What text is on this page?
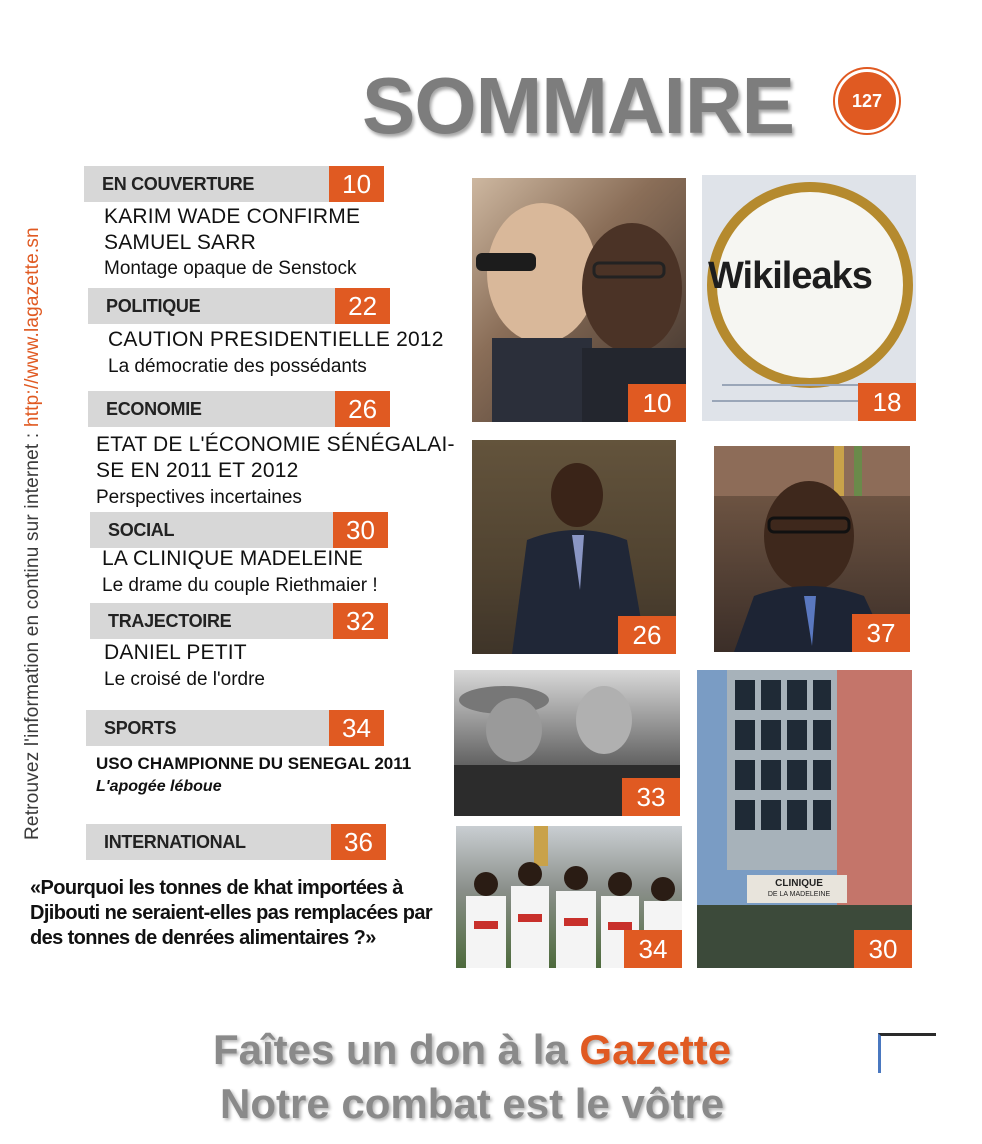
SOMMAIRE	127
Retrouvez l'information en continu sur internet : http://www.lagazette.sn
EN COUVERTURE	10
KARIM WADE CONFIRME
SAMUEL SARR
Montage opaque de Senstock
POLITIQUE	22
CAUTION PRESIDENTIELLE 2012
La démocratie des possédants
ECONOMIE	26
ETAT DE L'ÉCONOMIE SÉNÉGALAI-
SE EN 2011 ET 2012
Perspectives incertaines
SOCIAL	30
LA CLINIQUE MADELEINE
Le drame du couple Riethmaier !
TRAJECTOIRE	32
DANIEL PETIT
Le croisé de l'ordre
SPORTS	34
USO CHAMPIONNE DU SENEGAL 2011
L'apogée léboue
INTERNATIONAL	36
«Pourquoi les tonnes de khat importées à Djibouti ne seraient-elles pas remplacées par des tonnes de denrées alimentaires ?»
10
Wikileaks
18
26	37
33
CLINIQUE
DE LA MADELEINE
30
34
Faîtes un don à la Gazette
Notre combat est le vôtre
